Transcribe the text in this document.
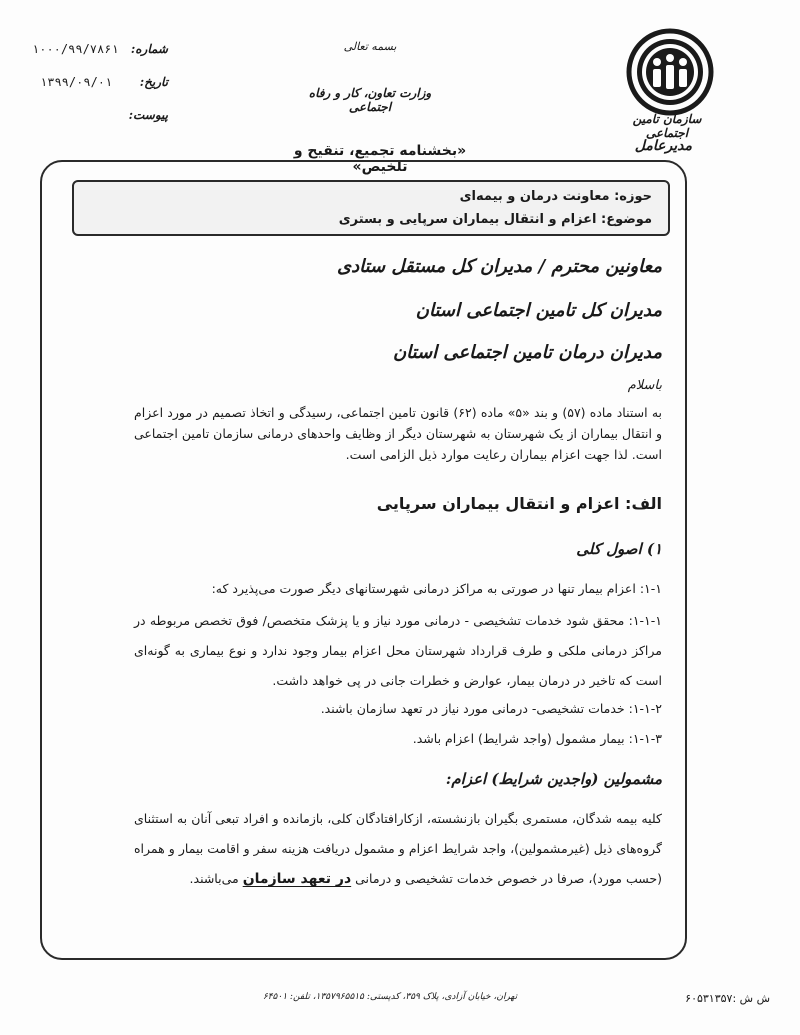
سازمان تامین اجتماعی
مدیرعامل
بسمه تعالی
وزارت تعاون، کار و رفاه اجتماعی
شماره:
۱۰۰۰/۹۹/۷۸۶۱
تاریخ:
۱۳۹۹/۰۹/۰۱
پیوست:
«بخشنامه تجمیع، تنقیح و تلخیص»
حوزه: معاونت درمان و بیمه‌ای
موضوع: اعزام و انتقال بیماران سرپایی و بستری
معاونین محترم / مدیران کل مستقل ستادی
مدیران کل تامین اجتماعی استان
مدیران درمان تامین اجتماعی استان
باسلام
به استناد ماده (۵۷) و بند «۵» ماده (۶۲) قانون تامین اجتماعی، رسیدگی و اتخاذ تصمیم در مورد اعزام و انتقال بیماران از یک شهرستان به شهرستان دیگر از وظایف واحدهای درمانی سازمان تامین اجتماعی است. لذا جهت اعزام بیماران رعایت موارد ذیل الزامی است.
الف: اعزام و انتقال بیماران سرپایی
۱) اصول کلی
۱-۱: اعزام بیمار تنها در صورتی به مراکز درمانی شهرستانهای دیگر صورت می‌پذیرد که:
۱-۱-۱: محقق شود خدمات تشخیصی - درمانی مورد نیاز و یا پزشک متخصص/ فوق تخصص مربوطه در مراکز درمانی ملکی و طرف قرارداد شهرستان محل اعزام بیمار وجود ندارد و نوع بیماری به گونه‌ای است که تاخیر در درمان بیمار، عوارض و خطرات جانی در پی خواهد داشت.
۱-۱-۲: خدمات تشخیصی- درمانی مورد نیاز در تعهد سازمان باشند.
۱-۱-۳: بیمار مشمول (واجد شرایط) اعزام باشد.
مشمولین (واجدین شرایط) اعزام:
کلیه بیمه شدگان، مستمری بگیران بازنشسته، ازکارافتادگان کلی، بازمانده و افراد تبعی آنان به استثنای گروه‌های ذیل (غیرمشمولین)، واجد شرایط اعزام و مشمول دریافت هزینه سفر و اقامت بیمار و همراه (حسب مورد)، صرفا در خصوص خدمات تشخیصی و درمانی در تعهد سازمان می‌باشند.
تهران، خیابان آزادی، پلاک ۳۵۹، کدپستی: ۱۳۵۷۹۶۵۵۱۵، تلفن: ۶۴۵۰۱	ش ش :۶۰۵۳۱۳۵۷
